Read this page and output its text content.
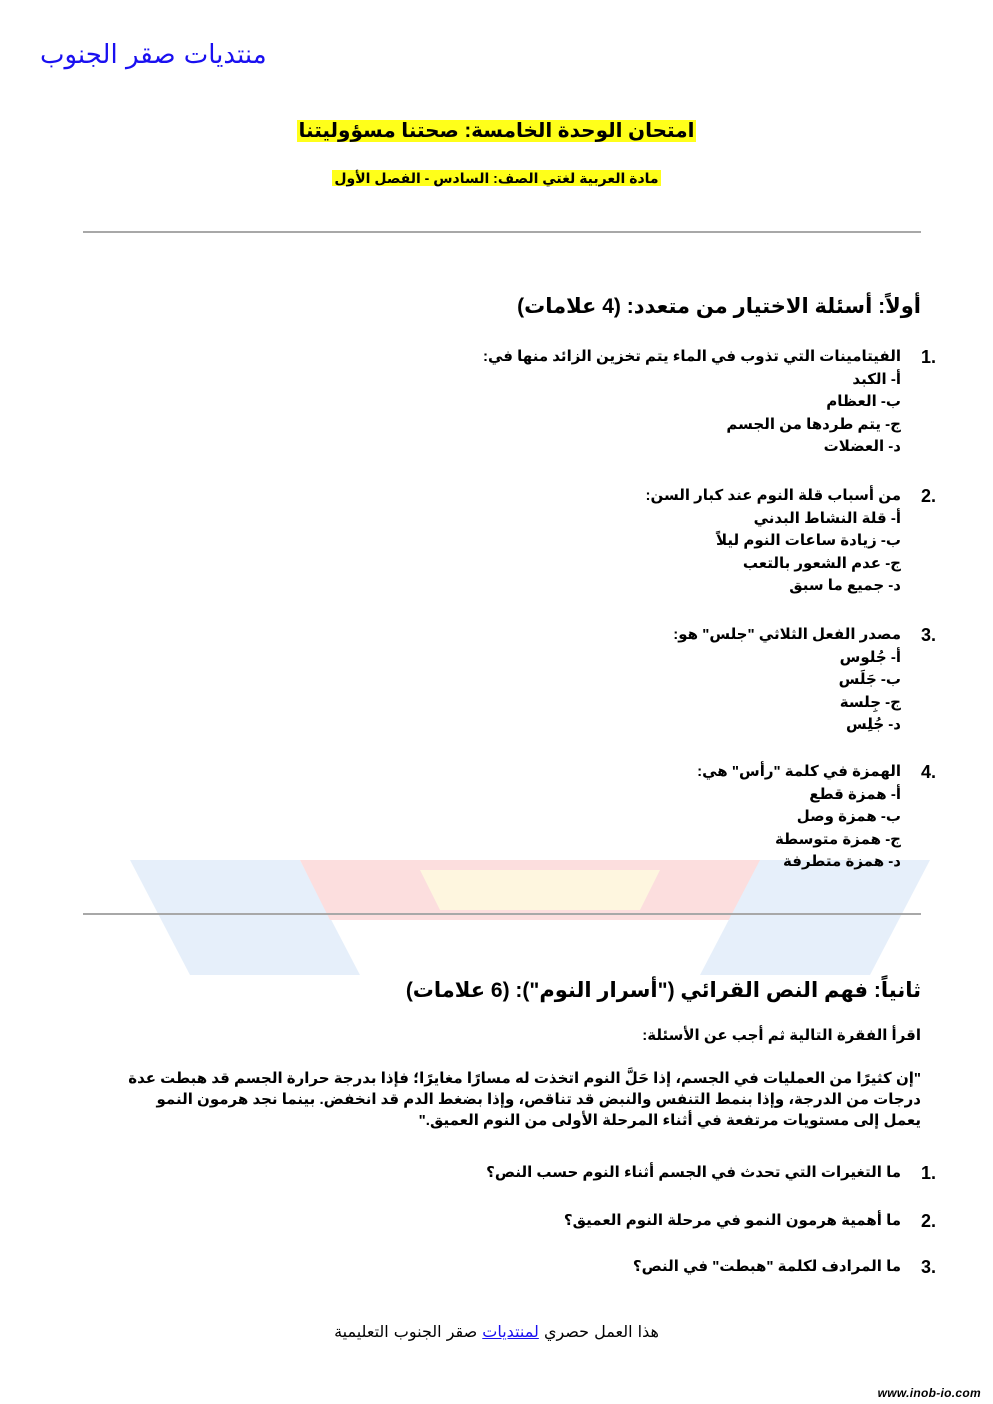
منتديات صقر الجنوب
امتحان الوحدة الخامسة: صحتنا مسؤوليتنا
مادة العربية لغتي الصف: السادس - الفصل الأول
أولاً: أسئلة الاختيار من متعدد: (4 علامات)
1.
الفيتامينات التي تذوب في الماء يتم تخزين الزائد منها في:
أ- الكبد
ب- العظام
ج- يتم طردها من الجسم
د- العضلات
2.
من أسباب قلة النوم عند كبار السن:
أ- قلة النشاط البدني
ب- زيادة ساعات النوم ليلاً
ج- عدم الشعور بالتعب
د- جميع ما سبق
3.
مصدر الفعل الثلاثي "جلس" هو:
أ- جُلوس
ب- جَلَس
ج- جِلسة
د- جُلِس
4.
الهمزة في كلمة "رأس" هي:
أ- همزة قطع
ب- همزة وصل
ج- همزة متوسطة
د- همزة متطرفة
ثانياً: فهم النص القرائي ("أسرار النوم"): (6 علامات)
اقرأ الفقرة التالية ثم أجب عن الأسئلة:
"إن كثيرًا من العمليات في الجسم، إذا حَلَّ النوم اتخذت له مسارًا مغايرًا؛ فإذا بدرجة حرارة الجسم قد هبطت عدة درجات من الدرجة، وإذا بنمط التنفس والنبض قد تناقص، وإذا بضغط الدم قد انخفض. بينما نجد هرمون النمو يعمل إلى مستويات مرتفعة في أثناء المرحلة الأولى من النوم العميق."
1.
ما التغيرات التي تحدث في الجسم أثناء النوم حسب النص؟
2.
ما أهمية هرمون النمو في مرحلة النوم العميق؟
3.
ما المرادف لكلمة "هبطت" في النص؟
هذا العمل حصري لمنتديات صقر الجنوب التعليمية
www.inob-io.com
